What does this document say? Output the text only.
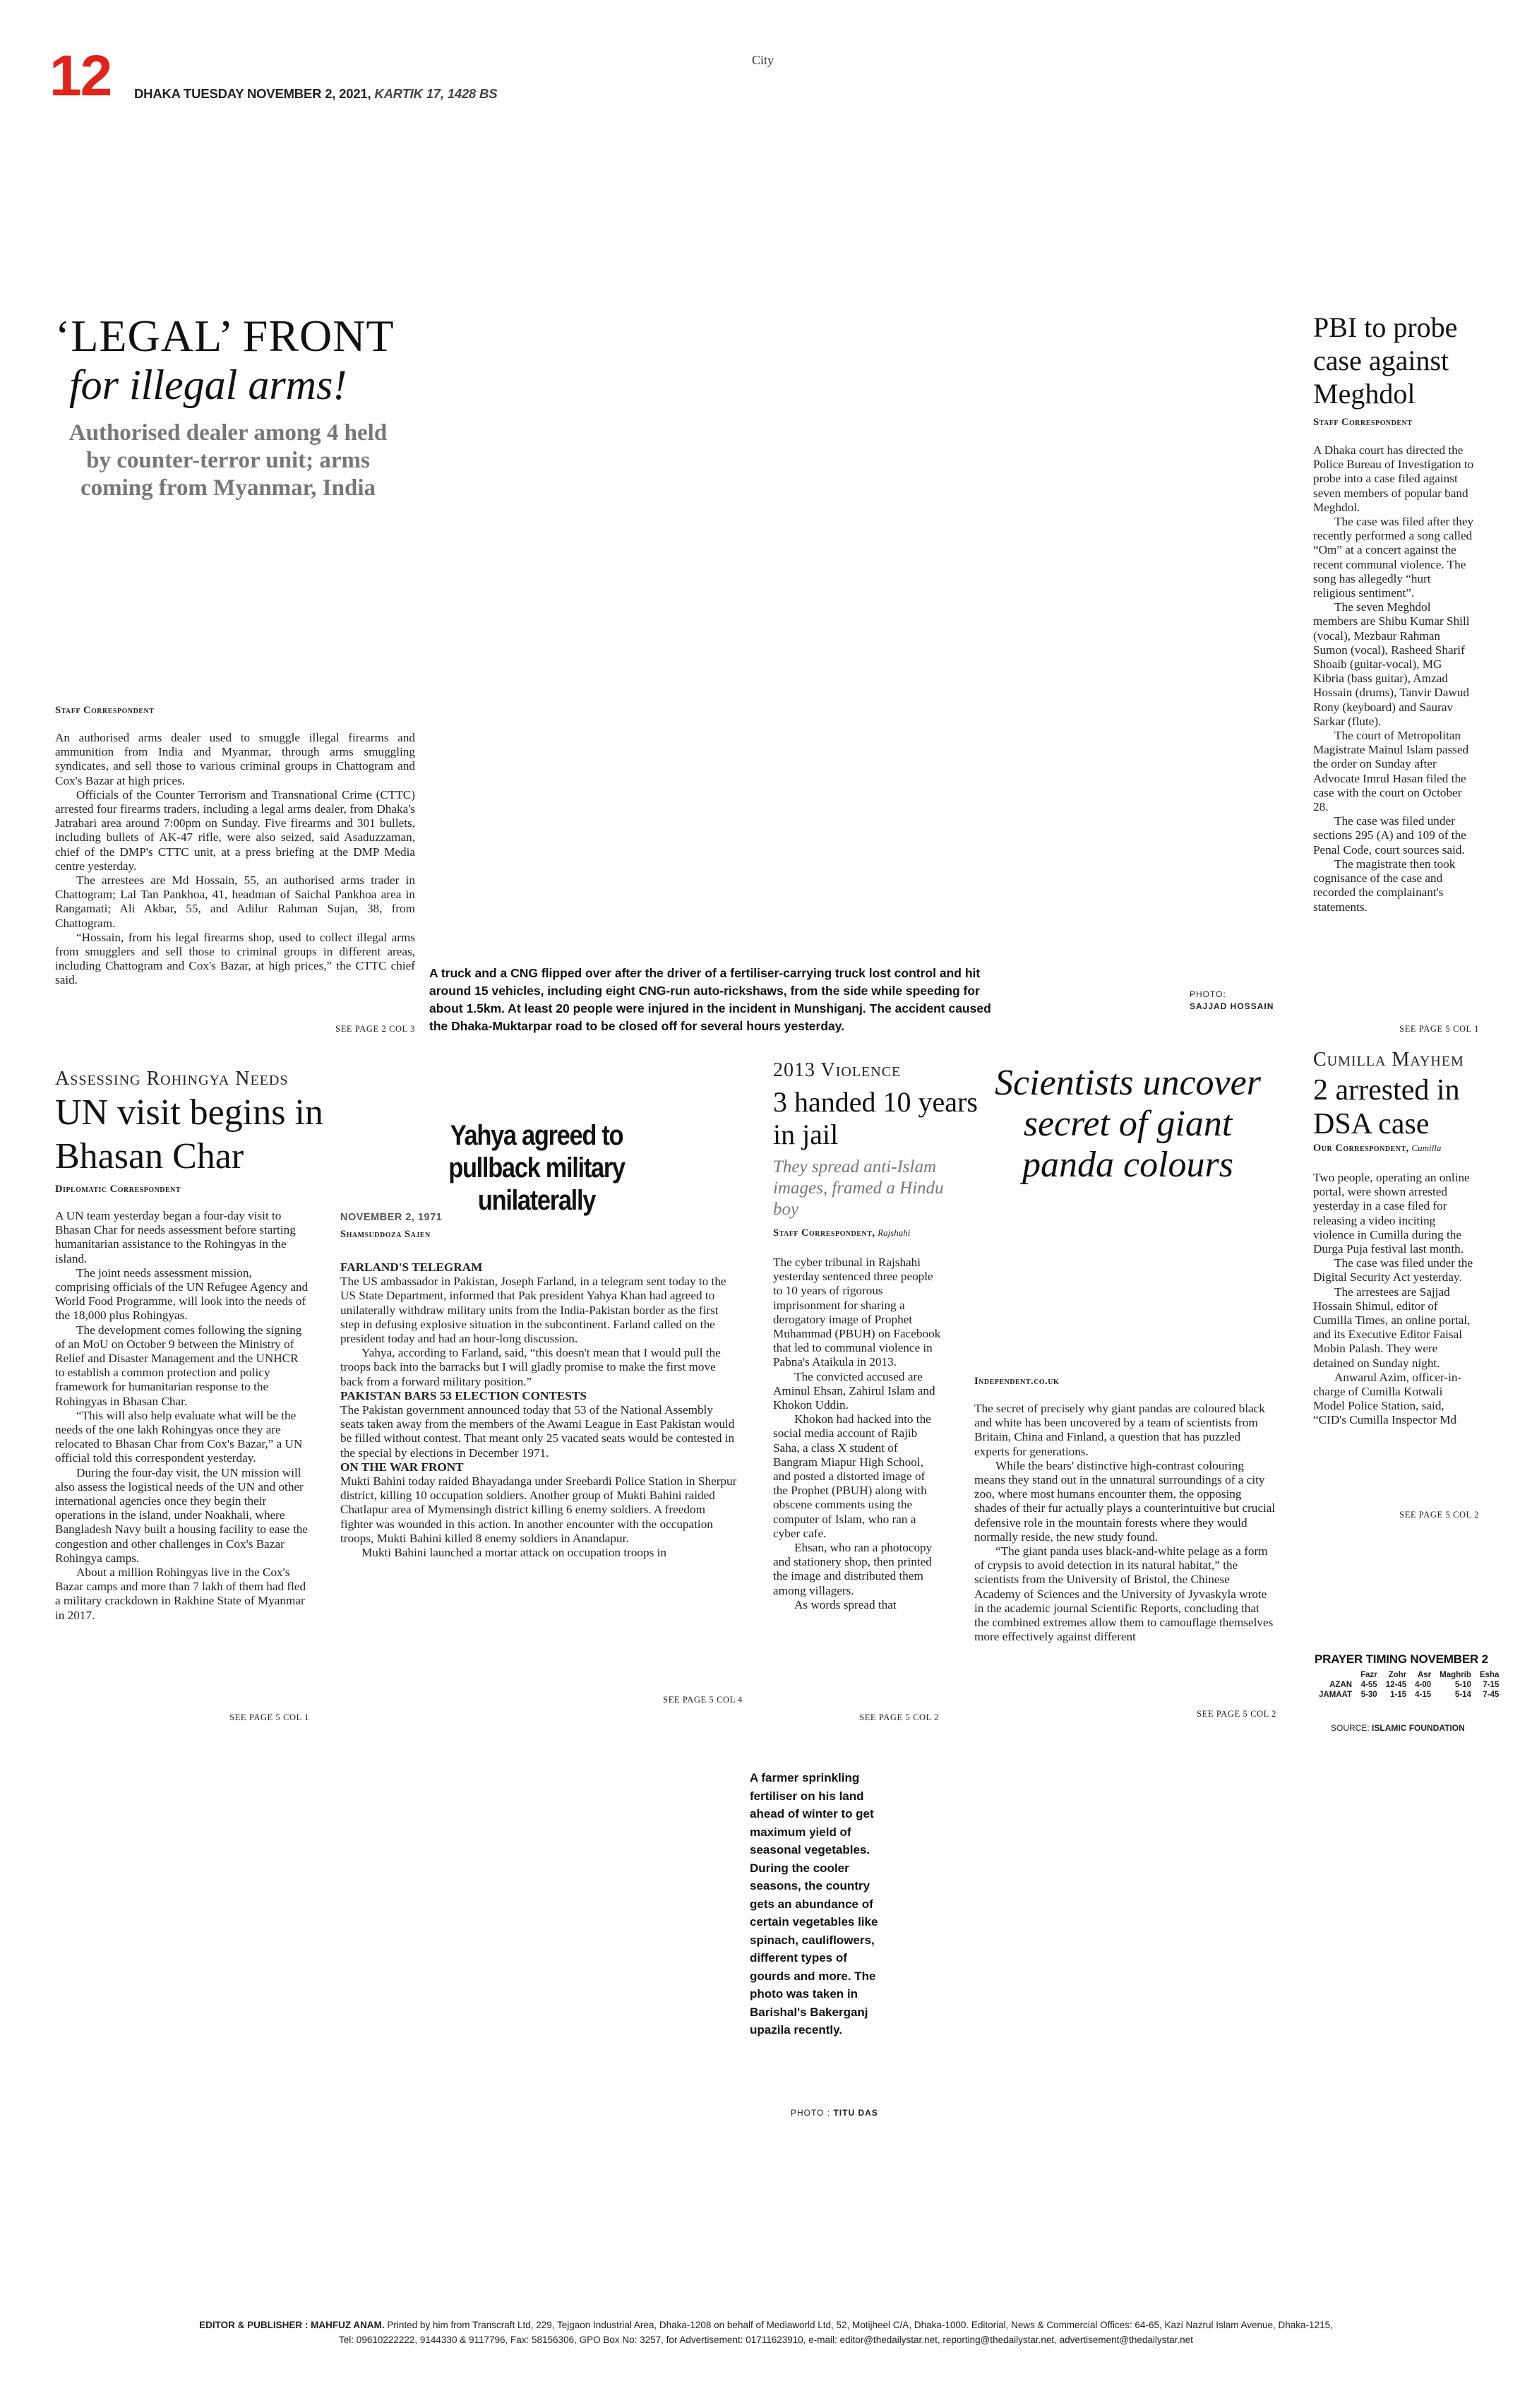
12 DHAKA TUESDAY NOVEMBER 2, 2021, KARTIK 17, 1428 BS
City
‘LEGAL’ FRONT
for illegal arms!
Authorised dealer among 4 held by counter-terror unit; arms coming from Myanmar, India
Staff Correspondent

An authorised arms dealer used to smuggle illegal firearms and ammunition from India and Myanmar, through arms smuggling syndicates, and sell those to various criminal groups in Chattogram and Cox's Bazar at high prices.

Officials of the Counter Terrorism and Transnational Crime (CTTC) arrested four firearms traders, including a legal arms dealer, from Dhaka's Jatrabari area around 7:00pm on Sunday. Five firearms and 301 bullets, including bullets of AK-47 rifle, were also seized, said Asaduzzaman, chief of the DMP's CTTC unit, at a press briefing at the DMP Media centre yesterday.

The arrestees are Md Hossain, 55, an authorised arms trader in Chattogram; Lal Tan Pankhoa, 41, headman of Saichal Pankhoa area in Rangamati; Ali Akbar, 55, and Adilur Rahman Sujan, 38, from Chattogram.

“Hossain, from his legal firearms shop, used to collect illegal arms from smugglers and sell those to criminal groups in different areas, including Chattogram and Cox's Bazar, at high prices,” the CTTC chief said.

SEE PAGE 2 COL 3
A truck and a CNG flipped over after the driver of a fertiliser-carrying truck lost control and hit around 15 vehicles, including eight CNG-run auto-rickshaws, from the side while speeding for about 1.5km. At least 20 people were injured in the incident in Munshiganj. The accident caused the Dhaka-Muktarpar road to be closed off for several hours yesterday.
PHOTO:
SAJJAD HOSSAIN
PBI to probe case against Meghdol
Staff Correspondent

A Dhaka court has directed the Police Bureau of Investigation to probe into a case filed against seven members of popular band Meghdol.

The case was filed after they recently performed a song called “Om” at a concert against the recent communal violence. The song has allegedly “hurt religious sentiment”.

The seven Meghdol members are Shibu Kumar Shill (vocal), Mezbaur Rahman Sumon (vocal), Rasheed Sharif Shoaib (guitar-vocal), MG Kibria (bass guitar), Amzad Hossain (drums), Tanvir Dawud Rony (keyboard) and Saurav Sarkar (flute).

The court of Metropolitan Magistrate Mainul Islam passed the order on Sunday after Advocate Imrul Hasan filed the case with the court on October 28.

The case was filed under sections 295 (A) and 109 of the Penal Code, court sources said.

The magistrate then took cognisance of the case and recorded the complainant's statements.

SEE PAGE 5 COL 1
Assessing Rohingya Needs
UN visit begins in Bhasan Char
Diplomatic Correspondent

A UN team yesterday began a four-day visit to Bhasan Char for needs assessment before starting humanitarian assistance to the Rohingyas in the island.

The joint needs assessment mission, comprising officials of the UN Refugee Agency and World Food Programme, will look into the needs of the 18,000 plus Rohingyas.

The development comes following the signing of an MoU on October 9 between the Ministry of Relief and Disaster Management and the UNHCR to establish a common protection and policy framework for humanitarian response to the Rohingyas in Bhasan Char.

“This will also help evaluate what will be the needs of the one lakh Rohingyas once they are relocated to Bhasan Char from Cox's Bazar,” a UN official told this correspondent yesterday.

During the four-day visit, the UN mission will also assess the logistical needs of the UN and other international agencies once they begin their operations in the island, under Noakhali, where Bangladesh Navy built a housing facility to ease the congestion and other challenges in Cox's Bazar Rohingya camps.

About a million Rohingyas live in the Cox's Bazar camps and more than 7 lakh of them had fled a military crackdown in Rakhine State of Myanmar in 2017.

SEE PAGE 5 COL 1
Yahya agreed to pullback military unilaterally
NOVEMBER 2, 1971
Shamsuddoza Sajen
FARLAND'S TELEGRAM

The US ambassador in Pakistan, Joseph Farland, in a telegram sent today to the US State Department, informed that Pak president Yahya Khan had agreed to unilaterally withdraw military units from the India-Pakistan border as the first step in defusing explosive situation in the subcontinent. Farland called on the president today and had an hour-long discussion.

Yahya, according to Farland, said, “this doesn't mean that I would pull the troops back into the barracks but I will gladly promise to make the first move back from a forward military position.”

PAKISTAN BARS 53 ELECTION CONTESTS

The Pakistan government announced today that 53 of the National Assembly seats taken away from the members of the Awami League in East Pakistan would be filled without contest. That meant only 25 vacated seats would be contested in the special by elections in December 1971.

ON THE WAR FRONT

Mukti Bahini today raided Bhayadanga under Sreebardi Police Station in Sherpur district, killing 10 occupation soldiers. Another group of Mukti Bahini raided Chatlapur area of Mymensingh district killing 6 enemy soldiers. A freedom fighter was wounded in this action. In another encounter with the occupation troops, Mukti Bahini killed 8 enemy soldiers in Anandapur.

Mukti Bahini launched a mortar attack on occupation troops in

SEE PAGE 5 COL 4
2013 Violence
3 handed 10 years in jail
They spread anti-Islam images, framed a Hindu boy
Staff Correspondent, Rajshahi

The cyber tribunal in Rajshahi yesterday sentenced three people to 10 years of rigorous imprisonment for sharing a derogatory image of Prophet Muhammad (PBUH) on Facebook that led to communal violence in Pabna's Ataikula in 2013.

The convicted accused are Aminul Ehsan, Zahirul Islam and Khokon Uddin.

Khokon had hacked into the social media account of Rajib Saha, a class X student of Bangram Miapur High School, and posted a distorted image of the Prophet (PBUH) along with obscene comments using the computer of Islam, who ran a cyber cafe.

Ehsan, who ran a photocopy and stationery shop, then printed the image and distributed them among villagers.

As words spread that

SEE PAGE 5 COL 2
Scientists uncover secret of giant panda colours
Independent.co.uk

The secret of precisely why giant pandas are coloured black and white has been uncovered by a team of scientists from Britain, China and Finland, a question that has puzzled experts for generations.

While the bears' distinctive high-contrast colouring means they stand out in the unnatural surroundings of a city zoo, where most humans encounter them, the opposing shades of their fur actually plays a counterintuitive but crucial defensive role in the mountain forests where they would normally reside, the new study found.

“The giant panda uses black-and-white pelage as a form of crypsis to avoid detection in its natural habitat,” the scientists from the University of Bristol, the Chinese Academy of Sciences and the University of Jyvaskyla wrote in the academic journal Scientific Reports, concluding that the combined extremes allow them to camouflage themselves more effectively against different

SEE PAGE 5 COL 2
Cumilla Mayhem
2 arrested in DSA case
Our Correspondent, Cumilla

Two people, operating an online portal, were shown arrested yesterday in a case filed for releasing a video inciting violence in Cumilla during the Durga Puja festival last month.

The case was filed under the Digital Security Act yesterday.

The arrestees are Sajjad Hossain Shimul, editor of Cumilla Times, an online portal, and its Executive Editor Faisal Mobin Palash. They were detained on Sunday night.

Anwarul Azim, officer-in-charge of Cumilla Kotwali Model Police Station, said, “CID's Cumilla Inspector Md

SEE PAGE 5 COL 2
PRAYER TIMING NOVEMBER 2
	Fazr	Zohr	Asr	Maghrib	Esha
AZAN	4-55	12-45	4-00	5-10	7-15
JAMAAT	5-30	1-15	4-15	5-14	7-45
SOURCE: ISLAMIC FOUNDATION
A farmer sprinkling fertiliser on his land ahead of winter to get maximum yield of seasonal vegetables. During the cooler seasons, the country gets an abundance of certain vegetables like spinach, cauliflowers, different types of gourds and more. The photo was taken in Barishal's Bakerganj upazila recently.
PHOTO : TITU DAS
EDITOR & PUBLISHER : MAHFUZ ANAM. Printed by him from Transcraft Ltd, 229, Tejgaon Industrial Area, Dhaka-1208 on behalf of Mediaworld Ltd, 52, Motijheel C/A, Dhaka-1000. Editorial, News & Commercial Offices: 64-65, Kazi Nazrul Islam Avenue, Dhaka-1215,
Tel: 09610222222, 9144330 & 9117796, Fax: 58156306, GPO Box No: 3257, for Advertisement: 01711623910, e-mail: editor@thedailystar.net, reporting@thedailystar.net, advertisement@thedailystar.net
